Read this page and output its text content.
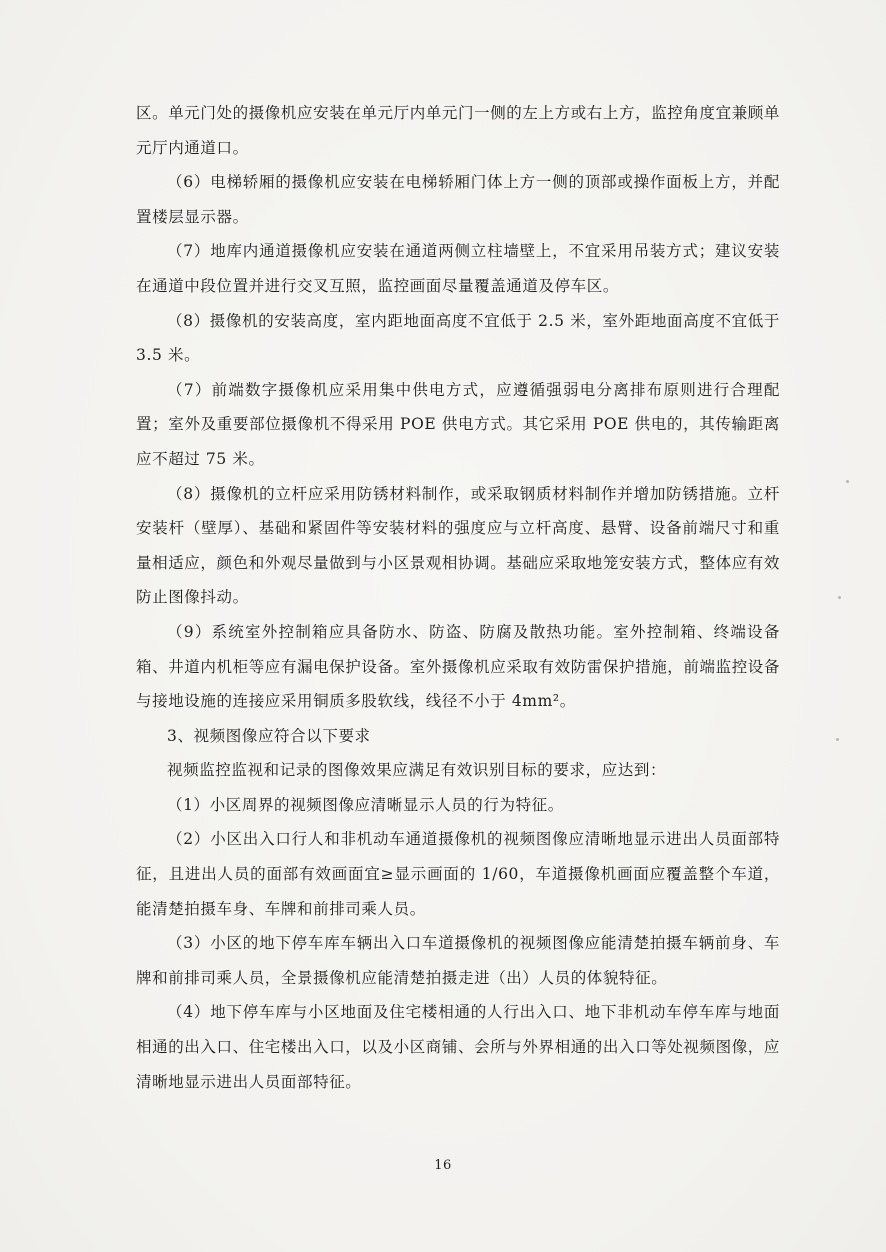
区。单元门处的摄像机应安装在单元厅内单元门一侧的左上方或右上方，监控角度宜兼顾单元厅内通道口。

（6）电梯轿厢的摄像机应安装在电梯轿厢门体上方一侧的顶部或操作面板上方，并配置楼层显示器。

（7）地库内通道摄像机应安装在通道两侧立柱墙壁上，不宜采用吊装方式；建议安装在通道中段位置并进行交叉互照，监控画面尽量覆盖通道及停车区。

（8）摄像机的安装高度，室内距地面高度不宜低于 2.5 米，室外距地面高度不宜低于 3.5 米。

（7）前端数字摄像机应采用集中供电方式，应遵循强弱电分离排布原则进行合理配置；室外及重要部位摄像机不得采用 POE 供电方式。其它采用 POE 供电的，其传输距离应不超过 75 米。

（8）摄像机的立杆应采用防锈材料制作，或采取钢质材料制作并增加防锈措施。立杆安装杆（壁厚）、基础和紧固件等安装材料的强度应与立杆高度、悬臂、设备前端尺寸和重量相适应，颜色和外观尽量做到与小区景观相协调。基础应采取地笼安装方式，整体应有效防止图像抖动。

（9）系统室外控制箱应具备防水、防盗、防腐及散热功能。室外控制箱、终端设备箱、井道内机柜等应有漏电保护设备。室外摄像机应采取有效防雷保护措施，前端监控设备与接地设施的连接应采用铜质多股软线，线径不小于 4mm²。

3、视频图像应符合以下要求

视频监控监视和记录的图像效果应满足有效识别目标的要求，应达到：

（1）小区周界的视频图像应清晰显示人员的行为特征。

（2）小区出入口行人和非机动车通道摄像机的视频图像应清晰地显示进出人员面部特征，且进出人员的面部有效画面宜≥显示画面的 1/60，车道摄像机画面应覆盖整个车道，能清楚拍摄车身、车牌和前排司乘人员。

（3）小区的地下停车库车辆出入口车道摄像机的视频图像应能清楚拍摄车辆前身、车牌和前排司乘人员，全景摄像机应能清楚拍摄走进（出）人员的体貌特征。

（4）地下停车库与小区地面及住宅楼相通的人行出入口、地下非机动车停车库与地面相通的出入口、住宅楼出入口，以及小区商铺、会所与外界相通的出入口等处视频图像，应清晰地显示进出人员面部特征。

16
